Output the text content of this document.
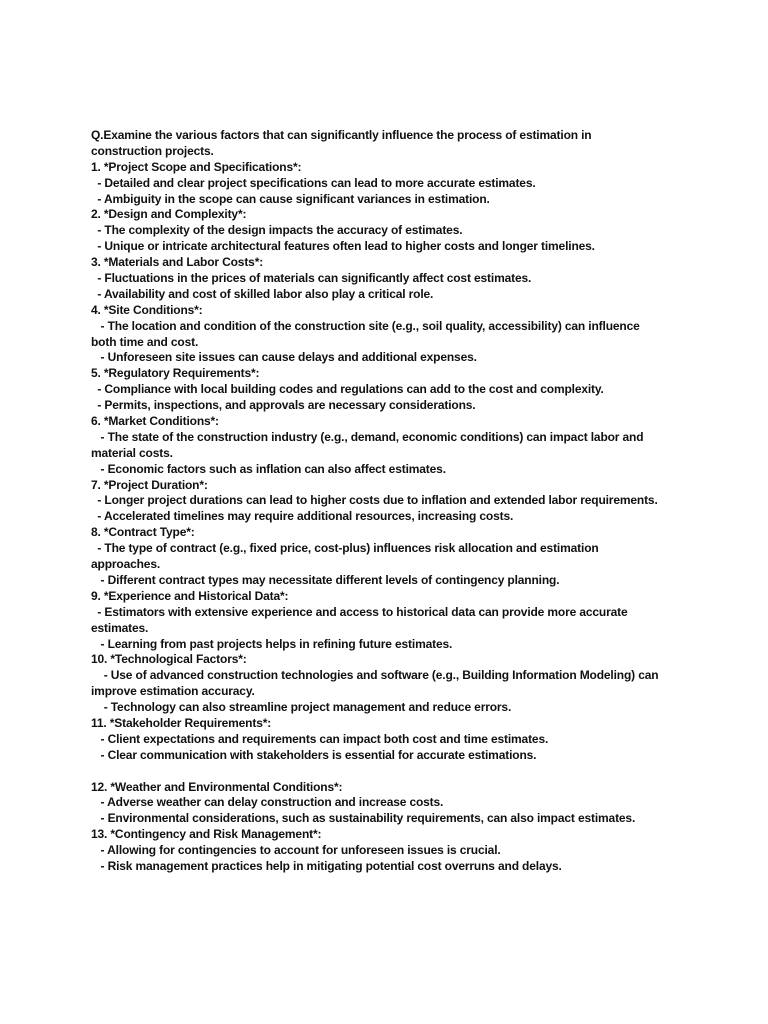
Q.Examine the various factors that can significantly influence the process of estimation in
construction projects.
1. *Project Scope and Specifications*:
- Detailed and clear project specifications can lead to more accurate estimates.
- Ambiguity in the scope can cause significant variances in estimation.
2. *Design and Complexity*:
- The complexity of the design impacts the accuracy of estimates.
- Unique or intricate architectural features often lead to higher costs and longer timelines.
3. *Materials and Labor Costs*:
- Fluctuations in the prices of materials can significantly affect cost estimates.
- Availability and cost of skilled labor also play a critical role.
4. *Site Conditions*:
- The location and condition of the construction site (e.g., soil quality, accessibility) can influence
both time and cost.
- Unforeseen site issues can cause delays and additional expenses.
5. *Regulatory Requirements*:
- Compliance with local building codes and regulations can add to the cost and complexity.
- Permits, inspections, and approvals are necessary considerations.
6. *Market Conditions*:
- The state of the construction industry (e.g., demand, economic conditions) can impact labor and
material costs.
- Economic factors such as inflation can also affect estimates.
7. *Project Duration*:
- Longer project durations can lead to higher costs due to inflation and extended labor requirements.
- Accelerated timelines may require additional resources, increasing costs.
8. *Contract Type*:
- The type of contract (e.g., fixed price, cost-plus) influences risk allocation and estimation
approaches.
- Different contract types may necessitate different levels of contingency planning.
9. *Experience and Historical Data*:
- Estimators with extensive experience and access to historical data can provide more accurate
estimates.
- Learning from past projects helps in refining future estimates.
10. *Technological Factors*:
- Use of advanced construction technologies and software (e.g., Building Information Modeling) can
improve estimation accuracy.
- Technology can also streamline project management and reduce errors.
11. *Stakeholder Requirements*:
- Client expectations and requirements can impact both cost and time estimates.
- Clear communication with stakeholders is essential for accurate estimations.
12. *Weather and Environmental Conditions*:
- Adverse weather can delay construction and increase costs.
- Environmental considerations, such as sustainability requirements, can also impact estimates.
13. *Contingency and Risk Management*:
- Allowing for contingencies to account for unforeseen issues is crucial.
- Risk management practices help in mitigating potential cost overruns and delays.
